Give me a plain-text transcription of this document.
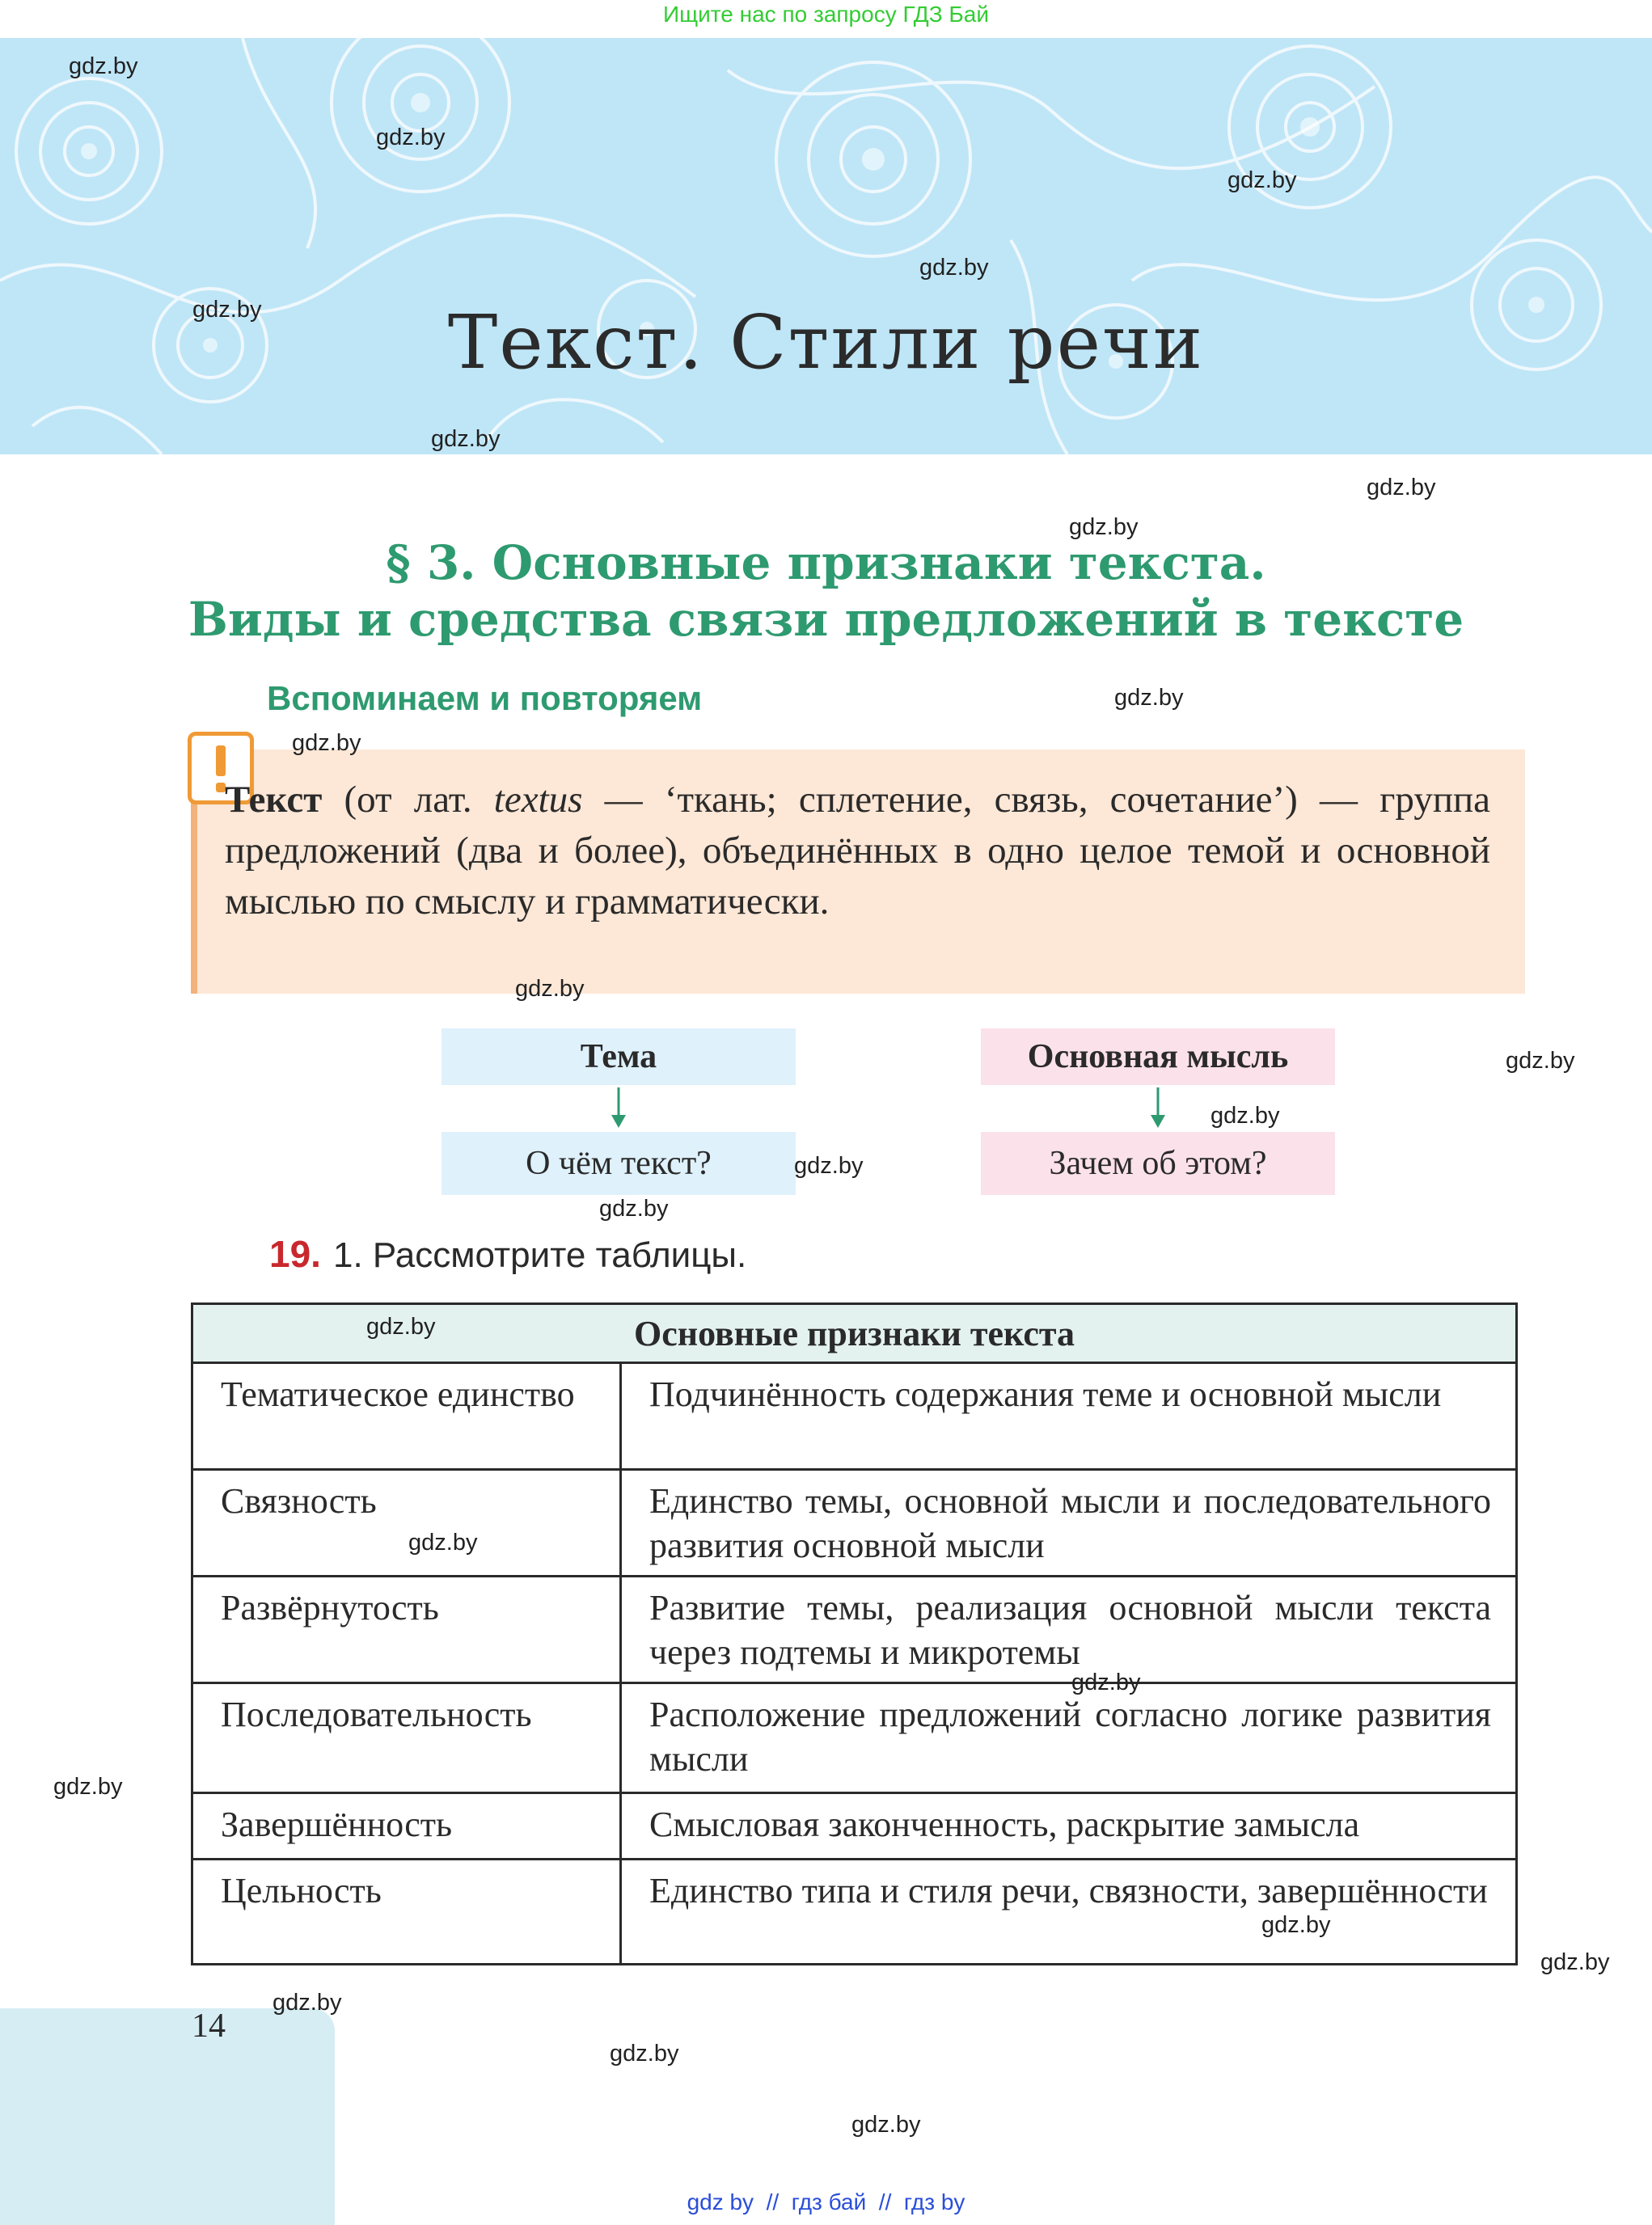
Ищите нас по запросу ГДЗ Бай
Текст. Стили речи
§ 3. Основные признаки текста.
Виды и средства связи предложений в тексте
Вспоминаем и повторяем
Текст (от лат. textus — ‘ткань; сплетение, связь, сочетание’) — группа предложений (два и более), объединённых в одно целое темой и основной мыслью по смыслу и грамматически.
Тема	Основная мысль
О чём текст?	Зачем об этом?
19. 1. Рассмотрите таблицы.
Основные признаки текста	
Тематическое единство	Подчинённость содержания теме и основной мысли
Связность	Единство темы, основной мысли и последовательного развития основной мысли
Развёрнутость	Развитие темы, реализация основной мысли текста через подтемы и микротемы
Последовательность	Расположение предложений согласно логике развития мысли
Завершённость	Смысловая законченность, раскрытие замысла
Цельность	Единство типа и стиля речи, связности, завершённости
14
gdz.by
gdz.by
gdz.by
gdz.by
gdz.by
gdz.by
gdz.by
gdz.by
gdz.by
gdz.by
gdz.by
gdz.by
gdz.by
gdz.by
gdz.by
gdz.by
gdz.by
gdz.by
gdz.by
gdz.by
gdz.by
gdz.by
gdz.by
gdz.by
gdz by  //  гдз бай  //  гдз by
